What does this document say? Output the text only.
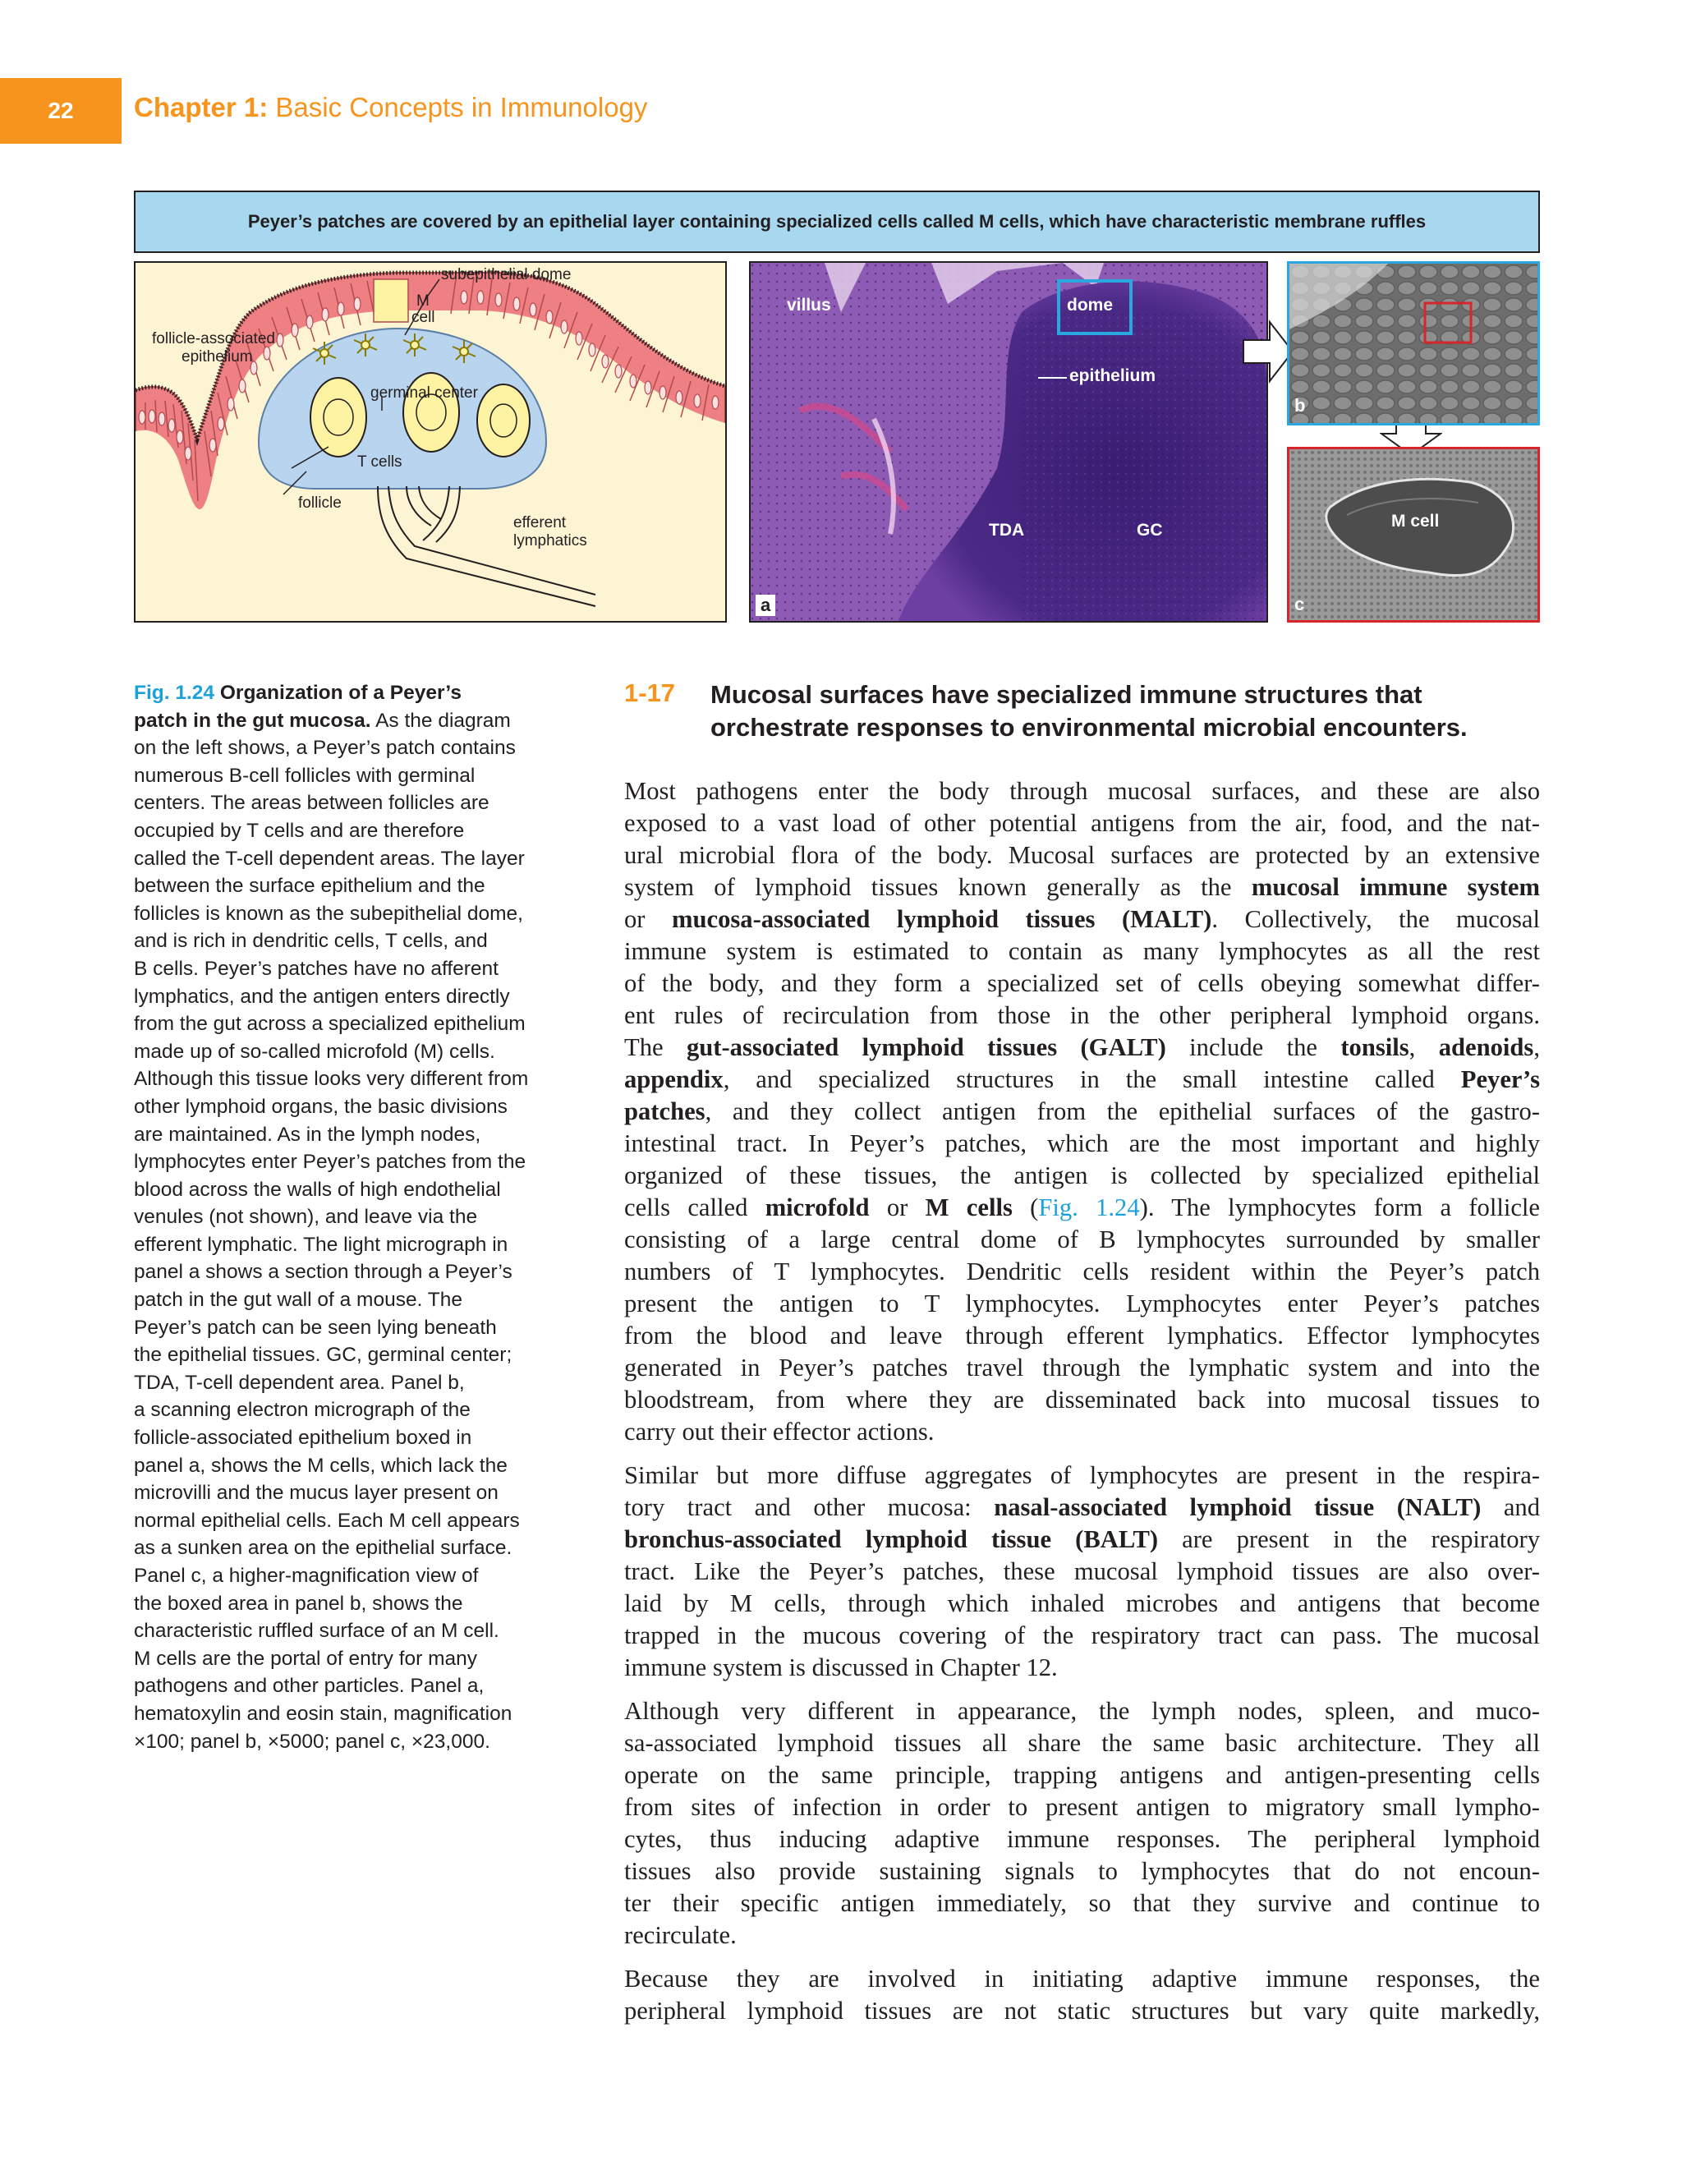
22	Chapter 1: Basic Concepts in Immunology
Peyer’s patches are covered by an epithelial layer containing specialized cells called M cells, which have characteristic membrane ruffles
subepithelial dome
follicle-associated
epithelium
M
cell
germinal center
T cells
follicle
efferent
lymphatics
villus	dome
epithelium
TDA	GC
a
b
M cell
c
Fig. 1.24 Organization of a Peyer’s
patch in the gut mucosa. As the diagram
on the left shows, a Peyer’s patch contains
numerous B-cell follicles with germinal
centers. The areas between follicles are
occupied by T cells and are therefore
called the T-cell dependent areas. The layer
between the surface epithelium and the
follicles is known as the subepithelial dome,
and is rich in dendritic cells, T cells, and
B cells. Peyer’s patches have no afferent
lymphatics, and the antigen enters directly
from the gut across a specialized epithelium
made up of so-called microfold (M) cells.
Although this tissue looks very different from
other lymphoid organs, the basic divisions
are maintained. As in the lymph nodes,
lymphocytes enter Peyer’s patches from the
blood across the walls of high endothelial
venules (not shown), and leave via the
efferent lymphatic. The light micrograph in
panel a shows a section through a Peyer’s
patch in the gut wall of a mouse. The
Peyer’s patch can be seen lying beneath
the epithelial tissues. GC, germinal center;
TDA, T-cell dependent area. Panel b,
a scanning electron micrograph of the
follicle-associated epithelium boxed in
panel a, shows the M cells, which lack the
microvilli and the mucus layer present on
normal epithelial cells. Each M cell appears
as a sunken area on the epithelial surface.
Panel c, a higher-magnification view of
the boxed area in panel b, shows the
characteristic ruffled surface of an M cell.
M cells are the portal of entry for many
pathogens and other particles. Panel a,
hematoxylin and eosin stain, magnification
×100; panel b, ×5000; panel c, ×23,000.
1-17 Mucosal surfaces have specialized immune structures that
orchestrate responses to environmental microbial encounters.
Most pathogens enter the body through mucosal surfaces, and these are also
exposed to a vast load of other potential antigens from the air, food, and the nat-
ural microbial flora of the body. Mucosal surfaces are protected by an extensive
system of lymphoid tissues known generally as the mucosal immune system
or mucosa-associated lymphoid tissues (MALT). Collectively, the mucosal
immune system is estimated to contain as many lymphocytes as all the rest
of the body, and they form a specialized set of cells obeying somewhat differ-
ent rules of recirculation from those in the other peripheral lymphoid organs.
The gut-associated lymphoid tissues (GALT) include the tonsils, adenoids,
appendix, and specialized structures in the small intestine called Peyer’s
patches, and they collect antigen from the epithelial surfaces of the gastro-
intestinal tract. In Peyer’s patches, which are the most important and highly
organized of these tissues, the antigen is collected by specialized epithelial
cells called microfold or M cells (Fig. 1.24). The lymphocytes form a follicle
consisting of a large central dome of B lymphocytes surrounded by smaller
numbers of T lymphocytes. Dendritic cells resident within the Peyer’s patch
present the antigen to T lymphocytes. Lymphocytes enter Peyer’s patches
from the blood and leave through efferent lymphatics. Effector lymphocytes
generated in Peyer’s patches travel through the lymphatic system and into the
bloodstream, from where they are disseminated back into mucosal tissues to
carry out their effector actions.
Similar but more diffuse aggregates of lymphocytes are present in the respira-
tory tract and other mucosa: nasal-associated lymphoid tissue (NALT) and
bronchus-associated lymphoid tissue (BALT) are present in the respiratory
tract. Like the Peyer’s patches, these mucosal lymphoid tissues are also over-
laid by M cells, through which inhaled microbes and antigens that become
trapped in the mucous covering of the respiratory tract can pass. The mucosal
immune system is discussed in Chapter 12.
Although very different in appearance, the lymph nodes, spleen, and muco-
sa-associated lymphoid tissues all share the same basic architecture. They all
operate on the same principle, trapping antigens and antigen-presenting cells
from sites of infection in order to present antigen to migratory small lympho-
cytes, thus inducing adaptive immune responses. The peripheral lymphoid
tissues also provide sustaining signals to lymphocytes that do not encoun-
ter their specific antigen immediately, so that they survive and continue to
recirculate.
Because they are involved in initiating adaptive immune responses, the
peripheral lymphoid tissues are not static structures but vary quite markedly,
